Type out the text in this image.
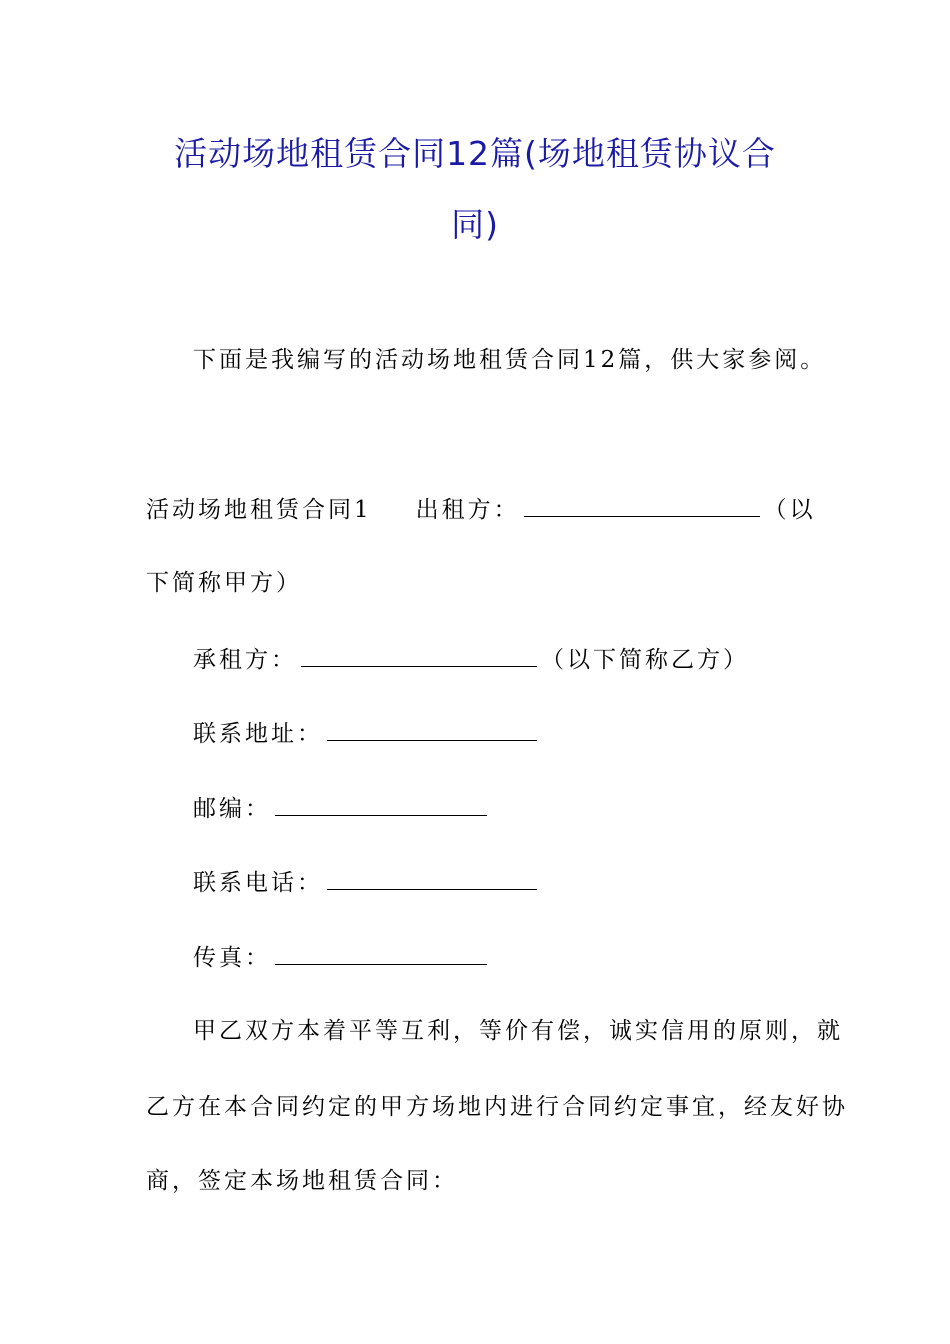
活动场地租赁合同12篇(场地租赁协议合
同)
下面是我编写的活动场地租赁合同12篇，供大家参阅。
活动场地租赁合同1 出租方：	（以
下简称甲方）
承租方：	（以下简称乙方）
联系地址：
邮编：
联系电话：
传真：
甲乙双方本着平等互利，等价有偿，诚实信用的原则，就
乙方在本合同约定的甲方场地内进行合同约定事宜，经友好协
商，签定本场地租赁合同：
